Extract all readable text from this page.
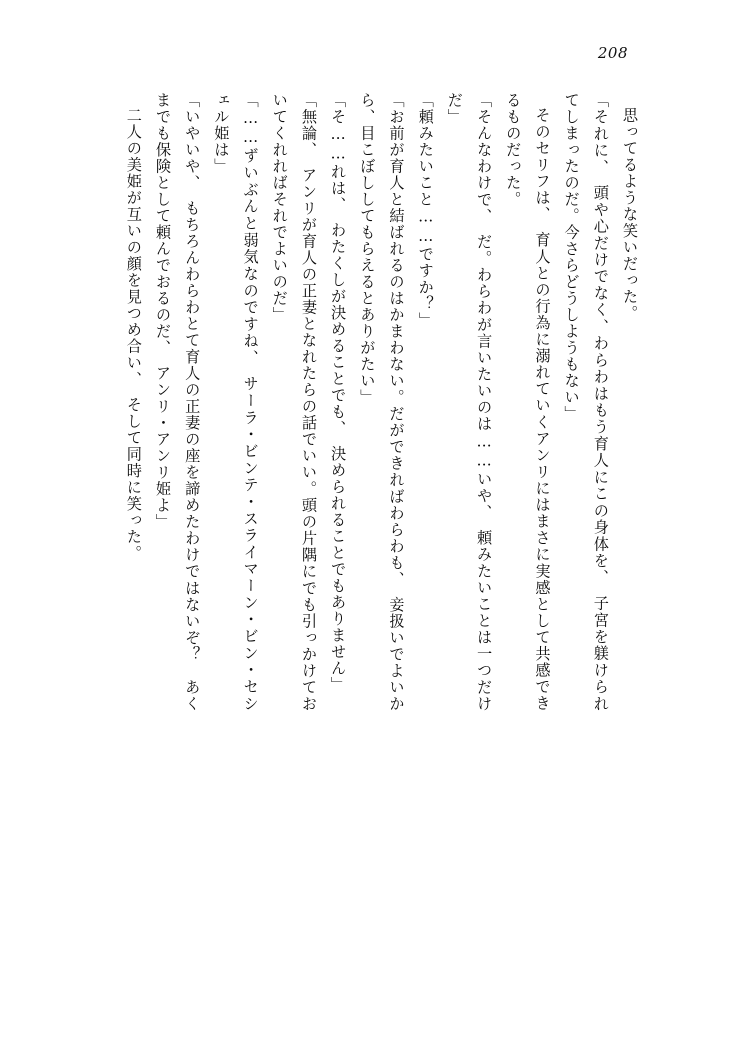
208

思ってるような笑いだった。

「それに、　頭や心だけでなく、わらわはもう育人にこの身体を、　子宮を躾けられてしまったのだ。今さらどうしようもない」

そのセリフは、　育人との行為に溺れていくアンリにはまさに実感として共感できるものだった。

「そんなわけで、　だ。わらわが言いたいのは……いや、　頼みたいことは一つだけだ」

「頼みたいこと……ですか？」

「お前が育人と結ばれるのはかまわない。だができればわらわも、　妾扱いでよいから、目こぼししてもらえるとありがたい」

「そ……れは、　わたくしが決めることでも、　決められることでもありません」

「無論、　アンリが育人の正妻となれたらの話でいい。頭の片隅にでも引っかけておいてくれればそれでよいのだ」

「……ずいぶんと弱気なのですね、　サーラ・ビンテ・スライマーン・ビン・セシェル姫は」

「いやいや、　もちろんわらわとて育人の正妻の座を諦めたわけではないぞ？　あくまでも保険として頼んでおるのだ、　アンリ・アンリ姫よ」

二人の美姫が互いの顔を見つめ合い、　そして同時に笑った。
